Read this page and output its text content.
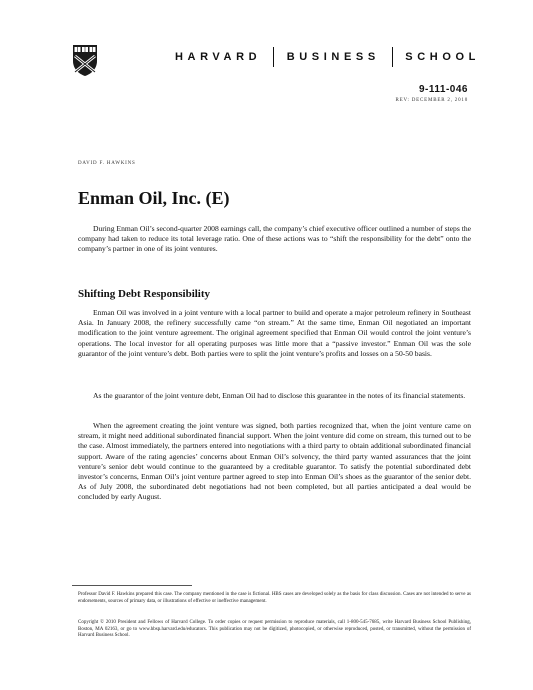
HARVARD BUSINESS SCHOOL
9-111-046
REV: DECEMBER 2, 2010
DAVID F. HAWKINS
Enman Oil, Inc. (E)

During Enman Oil’s second-quarter 2008 earnings call, the company’s chief executive officer outlined a number of steps the company had taken to reduce its total leverage ratio. One of these actions was to “shift the responsibility for the debt” onto the company’s partner in one of its joint ventures.

Shifting Debt Responsibility

Enman Oil was involved in a joint venture with a local partner to build and operate a major petroleum refinery in Southeast Asia. In January 2008, the refinery successfully came “on stream.” At the same time, Enman Oil negotiated an important modification to the joint venture agreement. The original agreement specified that Enman Oil would control the joint venture’s operations. The local investor for all operating purposes was little more that a “passive investor.” Enman Oil was the sole guarantor of the joint venture’s debt. Both parties were to split the joint venture’s profits and losses on a 50-50 basis.

As the guarantor of the joint venture debt, Enman Oil had to disclose this guarantee in the notes of its financial statements.

When the agreement creating the joint venture was signed, both parties recognized that, when the joint venture came on stream, it might need additional subordinated financial support. When the joint venture did come on stream, this turned out to be the case. Almost immediately, the partners entered into negotiations with a third party to obtain additional subordinated financial support. Aware of the rating agencies’ concerns about Enman Oil’s solvency, the third party wanted assurances that the joint venture’s senior debt would continue to the guaranteed by a creditable guarantor. To satisfy the potential subordinated debt investor’s concerns, Enman Oil’s joint venture partner agreed to step into Enman Oil’s shoes as the guarantor of the senior debt. As of July 2008, the subordinated debt negotiations had not been completed, but all parties anticipated a deal would be concluded by early August.

Professor David F. Hawkins prepared this case. The company mentioned in the case is fictional. HBS cases are developed solely as the basis for class discussion. Cases are not intended to serve as endorsements, sources of primary data, or illustrations of effective or ineffective management.

Copyright © 2010 President and Fellows of Harvard College. To order copies or request permission to reproduce materials, call 1-800-545-7685, write Harvard Business School Publishing, Boston, MA 02163, or go to www.hbsp.harvard.edu/educators. This publication may not be digitized, photocopied, or otherwise reproduced, posted, or transmitted, without the permission of Harvard Business School.
